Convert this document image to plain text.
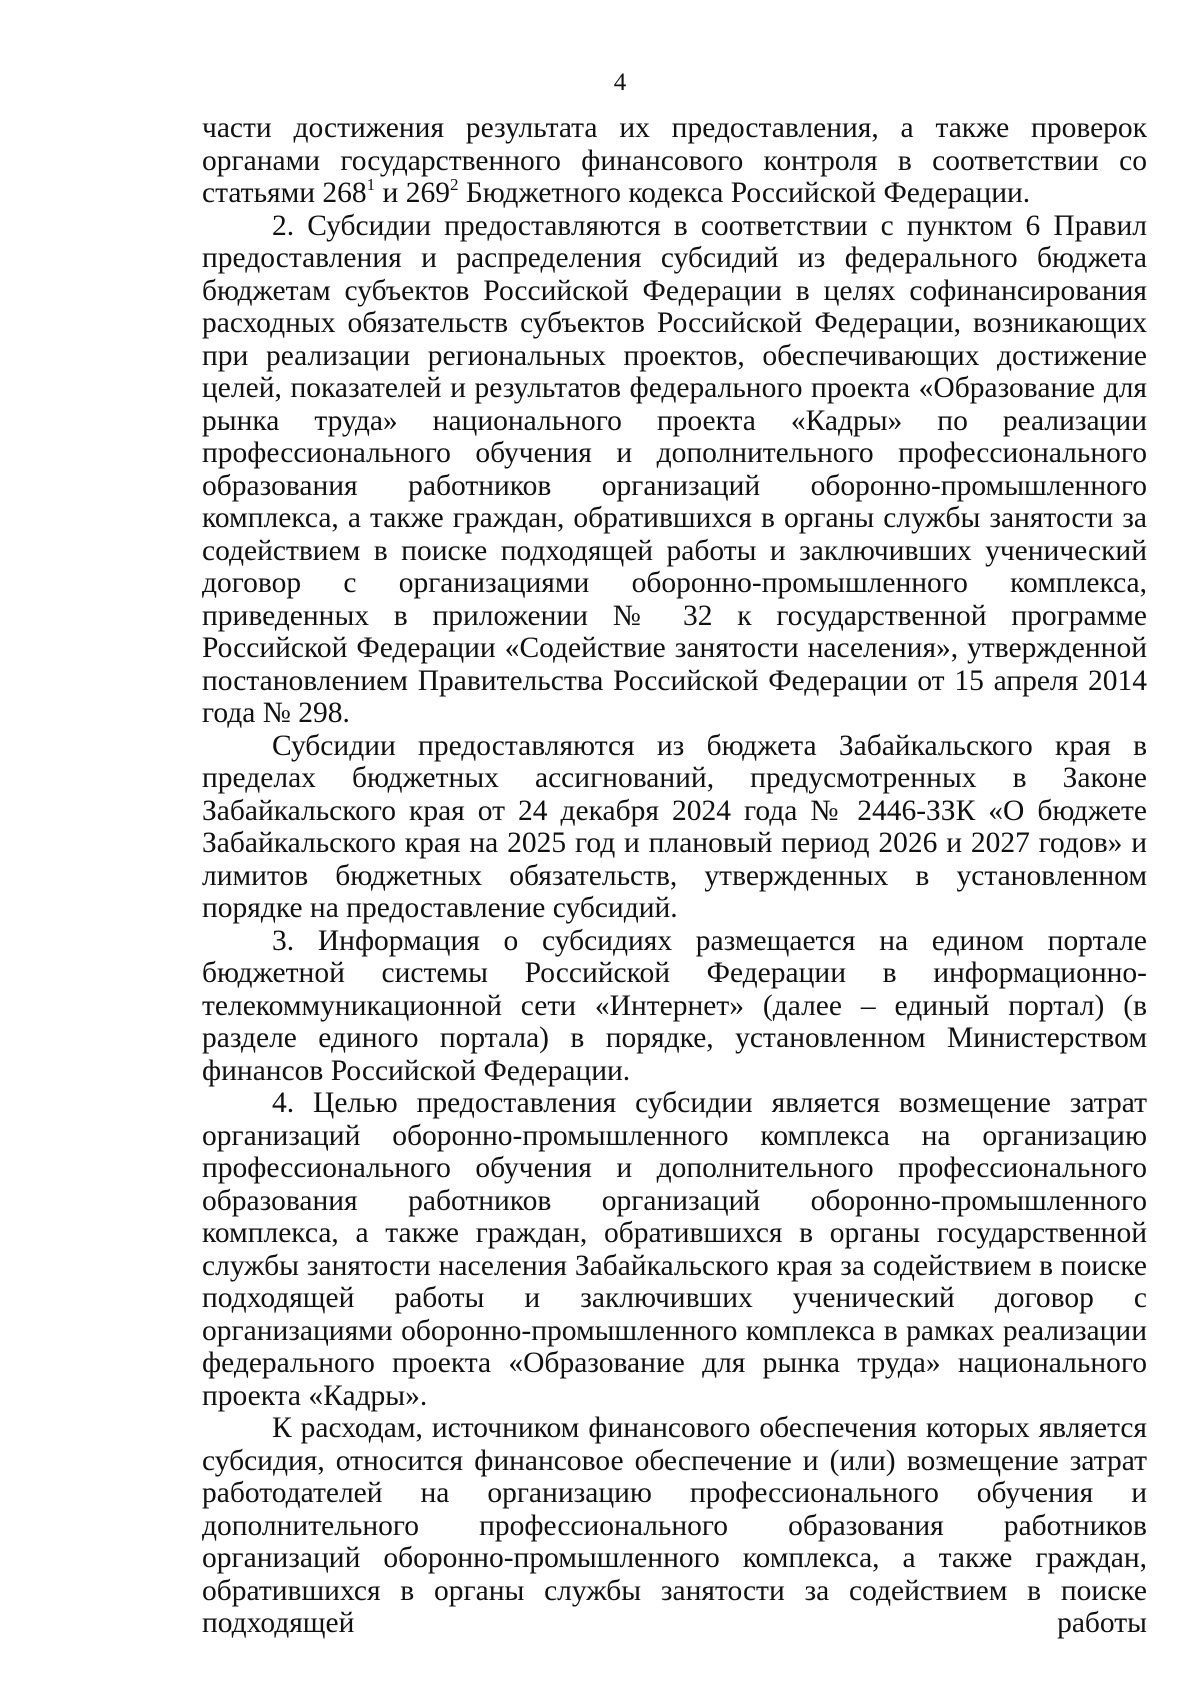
4

части достижения результата их предоставления, а также проверок органами государственного финансового контроля в соответствии со статьями $268^1$ и $269^2$ Бюджетного кодекса Российской Федерации.

2. Субсидии предоставляются в соответствии с пунктом 6 Правил предоставления и распределения субсидий из федерального бюджета бюджетам субъектов Российской Федерации в целях софинансирования расходных обязательств субъектов Российской Федерации, возникающих при реализации региональных проектов, обеспечивающих достижение целей, показателей и результатов федерального проекта «Образование для рынка труда» национального проекта «Кадры» по реализации профессионального обучения и дополнительного профессионального образования работников организаций оборонно-промышленного комплекса, а также граждан, обратившихся в органы службы занятости за содействием в поиске подходящей работы и заключивших ученический договор с организациями оборонно-промышленного комплекса, приведенных в приложении № 32 к государственной программе Российской Федерации «Содействие занятости населения», утвержденной постановлением Правительства Российской Федерации от 15 апреля 2014 года № 298.

Субсидии предоставляются из бюджета Забайкальского края в пределах бюджетных ассигнований, предусмотренных в Законе Забайкальского края от 24 декабря 2024 года № 2446-ЗЗК «О бюджете Забайкальского края на 2025 год и плановый период 2026 и 2027 годов» и лимитов бюджетных обязательств, утвержденных в установленном порядке на предоставление субсидий.

3. Информация о субсидиях размещается на едином портале бюджетной системы Российской Федерации в информационно-телекоммуникационной сети «Интернет» (далее – единый портал) (в разделе единого портала) в порядке, установленном Министерством финансов Российской Федерации.

4. Целью предоставления субсидии является возмещение затрат организаций оборонно-промышленного комплекса на организацию профессионального обучения и дополнительного профессионального образования работников организаций оборонно-промышленного комплекса, а также граждан, обратившихся в органы государственной службы занятости населения Забайкальского края за содействием в поиске подходящей работы и заключивших ученический договор с организациями оборонно-промышленного комплекса в рамках реализации федерального проекта «Образование для рынка труда» национального проекта «Кадры».

К расходам, источником финансового обеспечения которых является субсидия, относится финансовое обеспечение и (или) возмещение затрат работодателей на организацию профессионального обучения и дополнительного профессионального образования работников организаций оборонно-промышленного комплекса, а также граждан, обратившихся в органы службы занятости за содействием в поиске подходящей работы
